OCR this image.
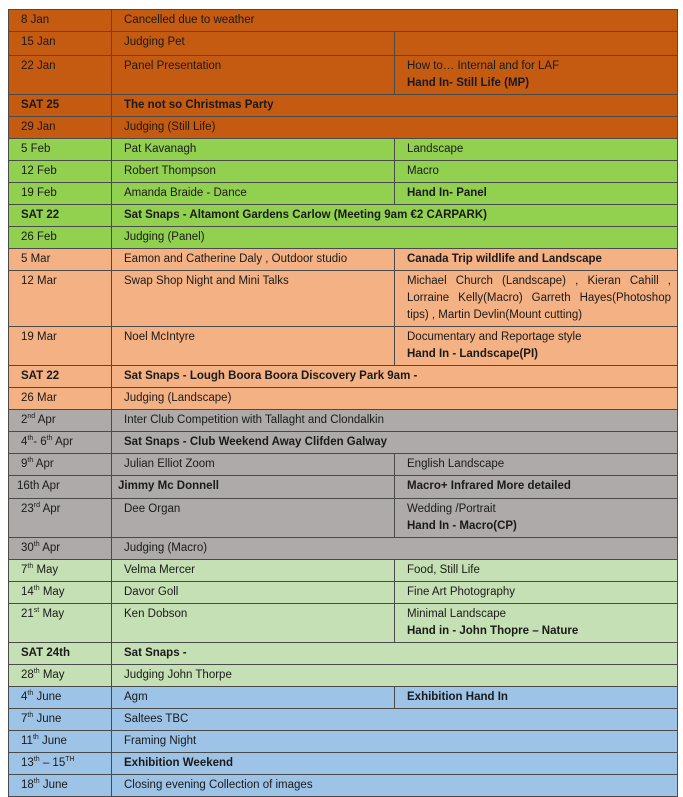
8 Jan	Cancelled due to weather	
15 Jan	Judging Pet	
22 Jan	Panel Presentation	How to… Internal and for LAF
Hand In- Still Life (MP)

SAT 25	The not so Christmas Party	
29 Jan	Judging (Still Life)	
5 Feb	Pat Kavanagh	Landscape
12 Feb	Robert Thompson	Macro
19 Feb	Amanda Braide - Dance	Hand In- Panel
SAT 22	Sat Snaps - Altamont Gardens Carlow (Meeting 9am €2 CARPARK)	
26 Feb	Judging (Panel)	
5 Mar	Eamon and Catherine Daly , Outdoor studio	Canada Trip wildlife and Landscape
12 Mar	Swap Shop Night and Mini Talks	Michael Church (Landscape) , Kieran Cahill , Lorraine Kelly(Macro) Garreth Hayes(Photoshop tips) , Martin Devlin(Mount cutting)
19 Mar	Noel McIntyre	Documentary and Reportage style
Hand In - Landscape(PI)

SAT 22	Sat Snaps - Lough Boora Boora Discovery Park 9am -	
26 Mar	Judging (Landscape)	
2nd Apr	Inter Club Competition with Tallaght and Clondalkin	
4th- 6th Apr	Sat Snaps - Club Weekend Away Clifden Galway	
9th Apr	Julian Elliot Zoom	English Landscape
16th Apr	Jimmy Mc Donnell	Macro+ Infrared More detailed
23rd Apr	Dee Organ	Wedding /Portrait
Hand In - Macro(CP)

30th Apr	Judging (Macro)	
7th May	Velma Mercer	Food, Still Life
14th May	Davor Goll	Fine Art Photography
21st May	Ken Dobson	Minimal Landscape
Hand in - John Thopre – Nature

SAT 24th	Sat Snaps -	
28th May	Judging John Thorpe	
4th June	Agm	Exhibition Hand In
7th June	Saltees TBC	
11th June	Framing Night	
13th – 15TH	Exhibition Weekend	
18th June	Closing evening Collection of images	
